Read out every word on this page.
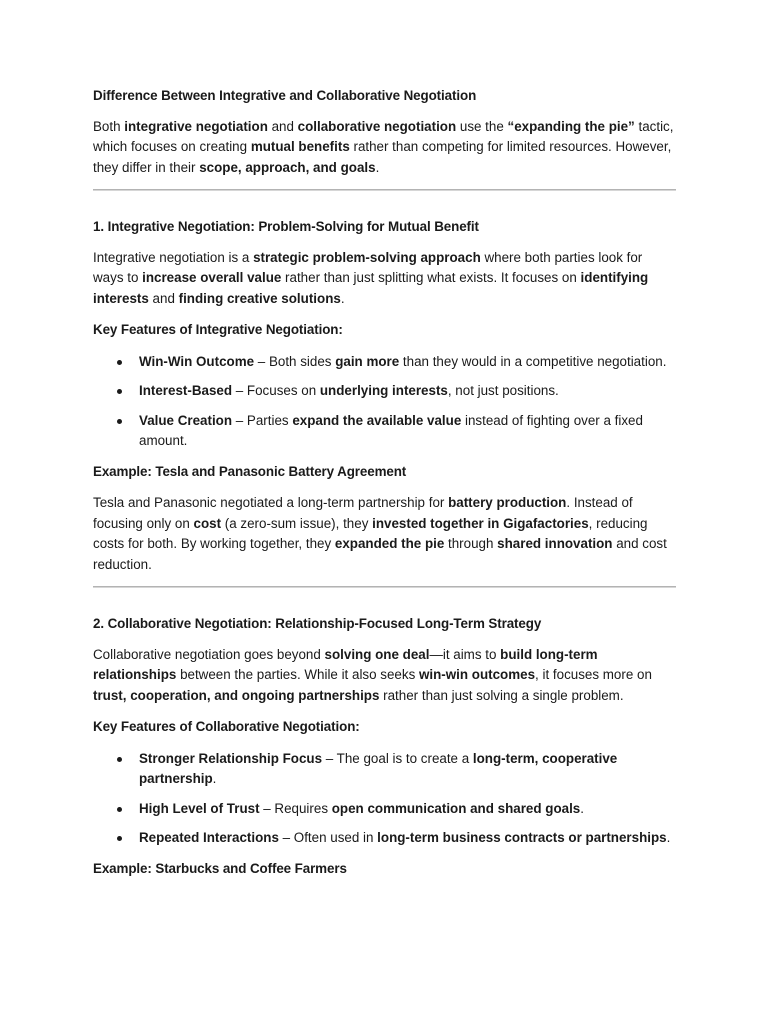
Difference Between Integrative and Collaborative Negotiation

Both integrative negotiation and collaborative negotiation use the “expanding the pie” tactic, which focuses on creating mutual benefits rather than competing for limited resources. However, they differ in their scope, approach, and goals.

1. Integrative Negotiation: Problem-Solving for Mutual Benefit

Integrative negotiation is a strategic problem-solving approach where both parties look for ways to increase overall value rather than just splitting what exists. It focuses on identifying interests and finding creative solutions.

Key Features of Integrative Negotiation:
Win-Win Outcome – Both sides gain more than they would in a competitive negotiation.
Interest-Based – Focuses on underlying interests, not just positions.
Value Creation – Parties expand the available value instead of fighting over a fixed amount.
Example: Tesla and Panasonic Battery Agreement

Tesla and Panasonic negotiated a long-term partnership for battery production. Instead of focusing only on cost (a zero-sum issue), they invested together in Gigafactories, reducing costs for both. By working together, they expanded the pie through shared innovation and cost reduction.

2. Collaborative Negotiation: Relationship-Focused Long-Term Strategy

Collaborative negotiation goes beyond solving one deal—it aims to build long-term relationships between the parties. While it also seeks win-win outcomes, it focuses more on trust, cooperation, and ongoing partnerships rather than just solving a single problem.

Key Features of Collaborative Negotiation:
Stronger Relationship Focus – The goal is to create a long-term, cooperative partnership.
High Level of Trust – Requires open communication and shared goals.
Repeated Interactions – Often used in long-term business contracts or partnerships.
Example: Starbucks and Coffee Farmers
